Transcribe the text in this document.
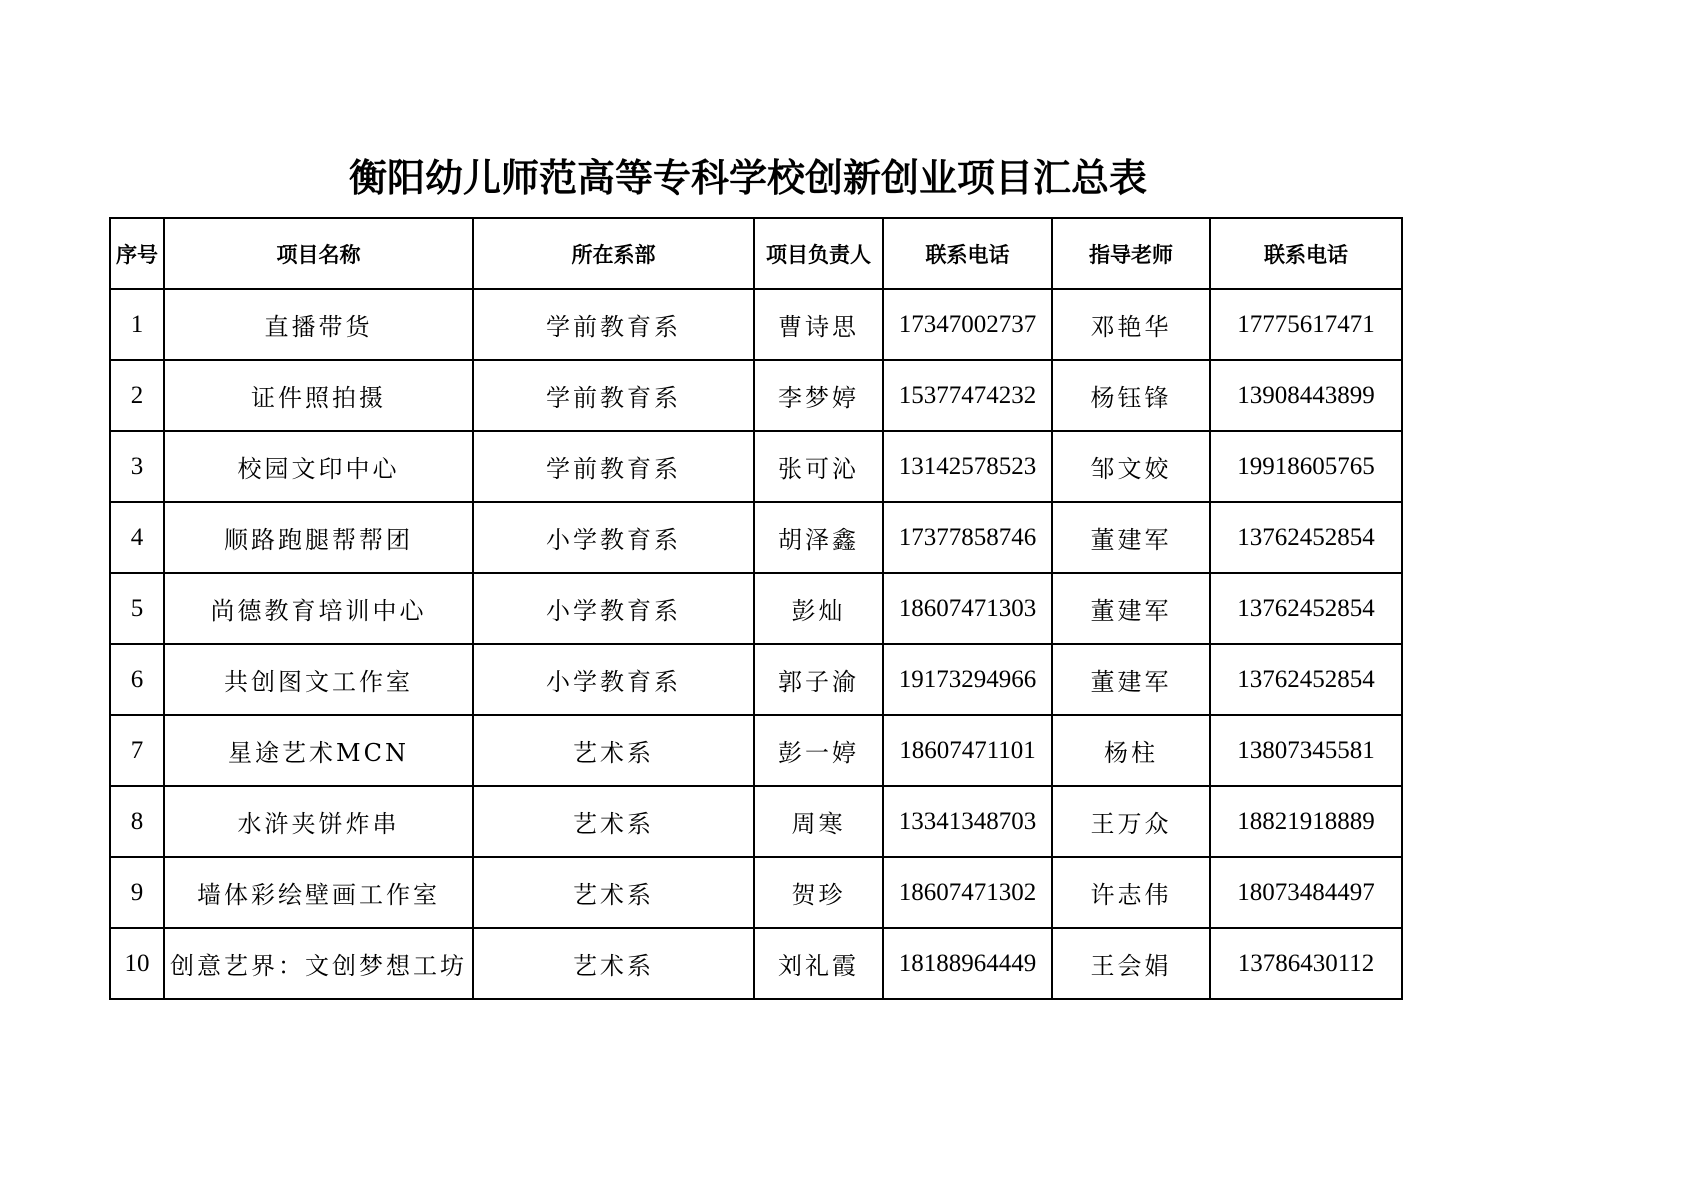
衡阳幼儿师范高等专科学校创新创业项目汇总表
序号	项目名称	所在系部	项目负责人	联系电话	指导老师	联系电话
1	直播带货	学前教育系	曹诗思	17347002737	邓艳华	17775617471
2	证件照拍摄	学前教育系	李梦婷	15377474232	杨钰锋	13908443899
3	校园文印中心	学前教育系	张可沁	13142578523	邹文姣	19918605765
4	顺路跑腿帮帮团	小学教育系	胡泽鑫	17377858746	董建军	13762452854
5	尚德教育培训中心	小学教育系	彭灿	18607471303	董建军	13762452854
6	共创图文工作室	小学教育系	郭子渝	19173294966	董建军	13762452854
7	星途艺术MCN	艺术系	彭一婷	18607471101	杨柱	13807345581
8	水浒夹饼炸串	艺术系	周寒	13341348703	王万众	18821918889
9	墙体彩绘壁画工作室	艺术系	贺珍	18607471302	许志伟	18073484497
10	创意艺界：文创梦想工坊	艺术系	刘礼霞	18188964449	王会娟	13786430112
